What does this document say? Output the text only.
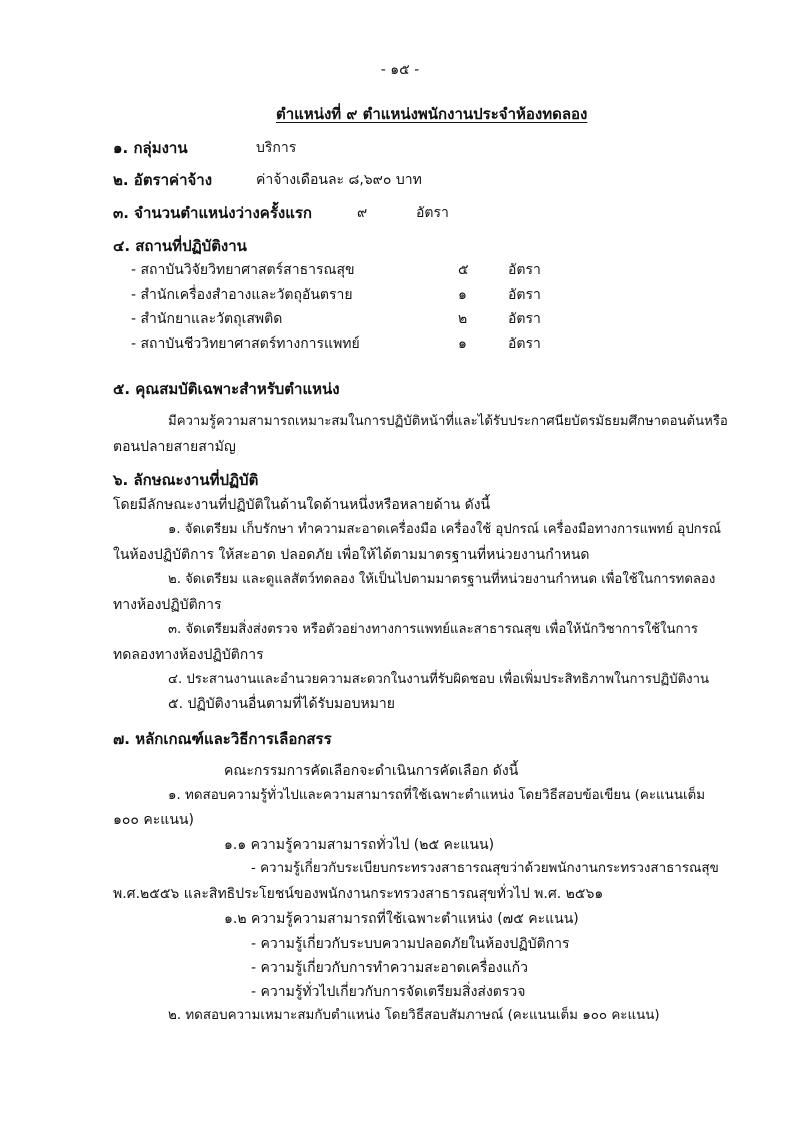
- ๑๕ -
ตำแหน่งที่ ๙ ตำแหน่งพนักงานประจำห้องทดลอง
๑. กลุ่มงาน	บริการ
๒. อัตราค่าจ้าง	ค่าจ้างเดือนละ ๘,๖๙๐ บาท
๓. จำนวนตำแหน่งว่างครั้งแรก	๙	อัตรา
๔. สถานที่ปฏิบัติงาน
- สถาบันวิจัยวิทยาศาสตร์สาธารณสุข	๕	อัตรา
- สำนักเครื่องสำอางและวัตถุอันตราย	๑	อัตรา
- สำนักยาและวัตถุเสพติด	๒	อัตรา
- สถาบันชีววิทยาศาสตร์ทางการแพทย์	๑	อัตรา
๕. คุณสมบัติเฉพาะสำหรับตำแหน่ง
มีความรู้ความสามารถเหมาะสมในการปฏิบัติหน้าที่และได้รับประกาศนียบัตรมัธยมศึกษาตอนต้นหรือ
ตอนปลายสายสามัญ
๖. ลักษณะงานที่ปฏิบัติ
โดยมีลักษณะงานที่ปฏิบัติในด้านใดด้านหนึ่งหรือหลายด้าน ดังนี้
๑. จัดเตรียม เก็บรักษา ทำความสะอาดเครื่องมือ เครื่องใช้ อุปกรณ์ เครื่องมือทางการแพทย์ อุปกรณ์
ในห้องปฏิบัติการ ให้สะอาด ปลอดภัย เพื่อให้ได้ตามมาตรฐานที่หน่วยงานกำหนด
๒. จัดเตรียม และดูแลสัตว์ทดลอง ให้เป็นไปตามมาตรฐานที่หน่วยงานกำหนด เพื่อใช้ในการทดลอง
ทางห้องปฏิบัติการ
๓. จัดเตรียมสิ่งส่งตรวจ หรือตัวอย่างทางการแพทย์และสาธารณสุข เพื่อให้นักวิชาการใช้ในการ
ทดลองทางห้องปฏิบัติการ
๔. ประสานงานและอำนวยความสะดวกในงานที่รับผิดชอบ เพื่อเพิ่มประสิทธิภาพในการปฏิบัติงาน
๕. ปฏิบัติงานอื่นตามที่ได้รับมอบหมาย
๗. หลักเกณฑ์และวิธีการเลือกสรร
คณะกรรมการคัดเลือกจะดำเนินการคัดเลือก ดังนี้
๑. ทดสอบความรู้ทั่วไปและความสามารถที่ใช้เฉพาะตำแหน่ง โดยวิธีสอบข้อเขียน (คะแนนเต็ม
๑๐๐ คะแนน)
๑.๑ ความรู้ความสามารถทั่วไป (๒๕ คะแนน)
- ความรู้เกี่ยวกับระเบียบกระทรวงสาธารณสุขว่าด้วยพนักงานกระทรวงสาธารณสุข
พ.ศ.๒๕๕๖ และสิทธิประโยชน์ของพนักงานกระทรวงสาธารณสุขทั่วไป พ.ศ. ๒๕๖๑
๑.๒ ความรู้ความสามารถที่ใช้เฉพาะตำแหน่ง (๗๕ คะแนน)
- ความรู้เกี่ยวกับระบบความปลอดภัยในห้องปฏิบัติการ
- ความรู้เกี่ยวกับการทำความสะอาดเครื่องแก้ว
- ความรู้ทั่วไปเกี่ยวกับการจัดเตรียมสิ่งส่งตรวจ
๒. ทดสอบความเหมาะสมกับตำแหน่ง โดยวิธีสอบสัมภาษณ์ (คะแนนเต็ม ๑๐๐ คะแนน)
